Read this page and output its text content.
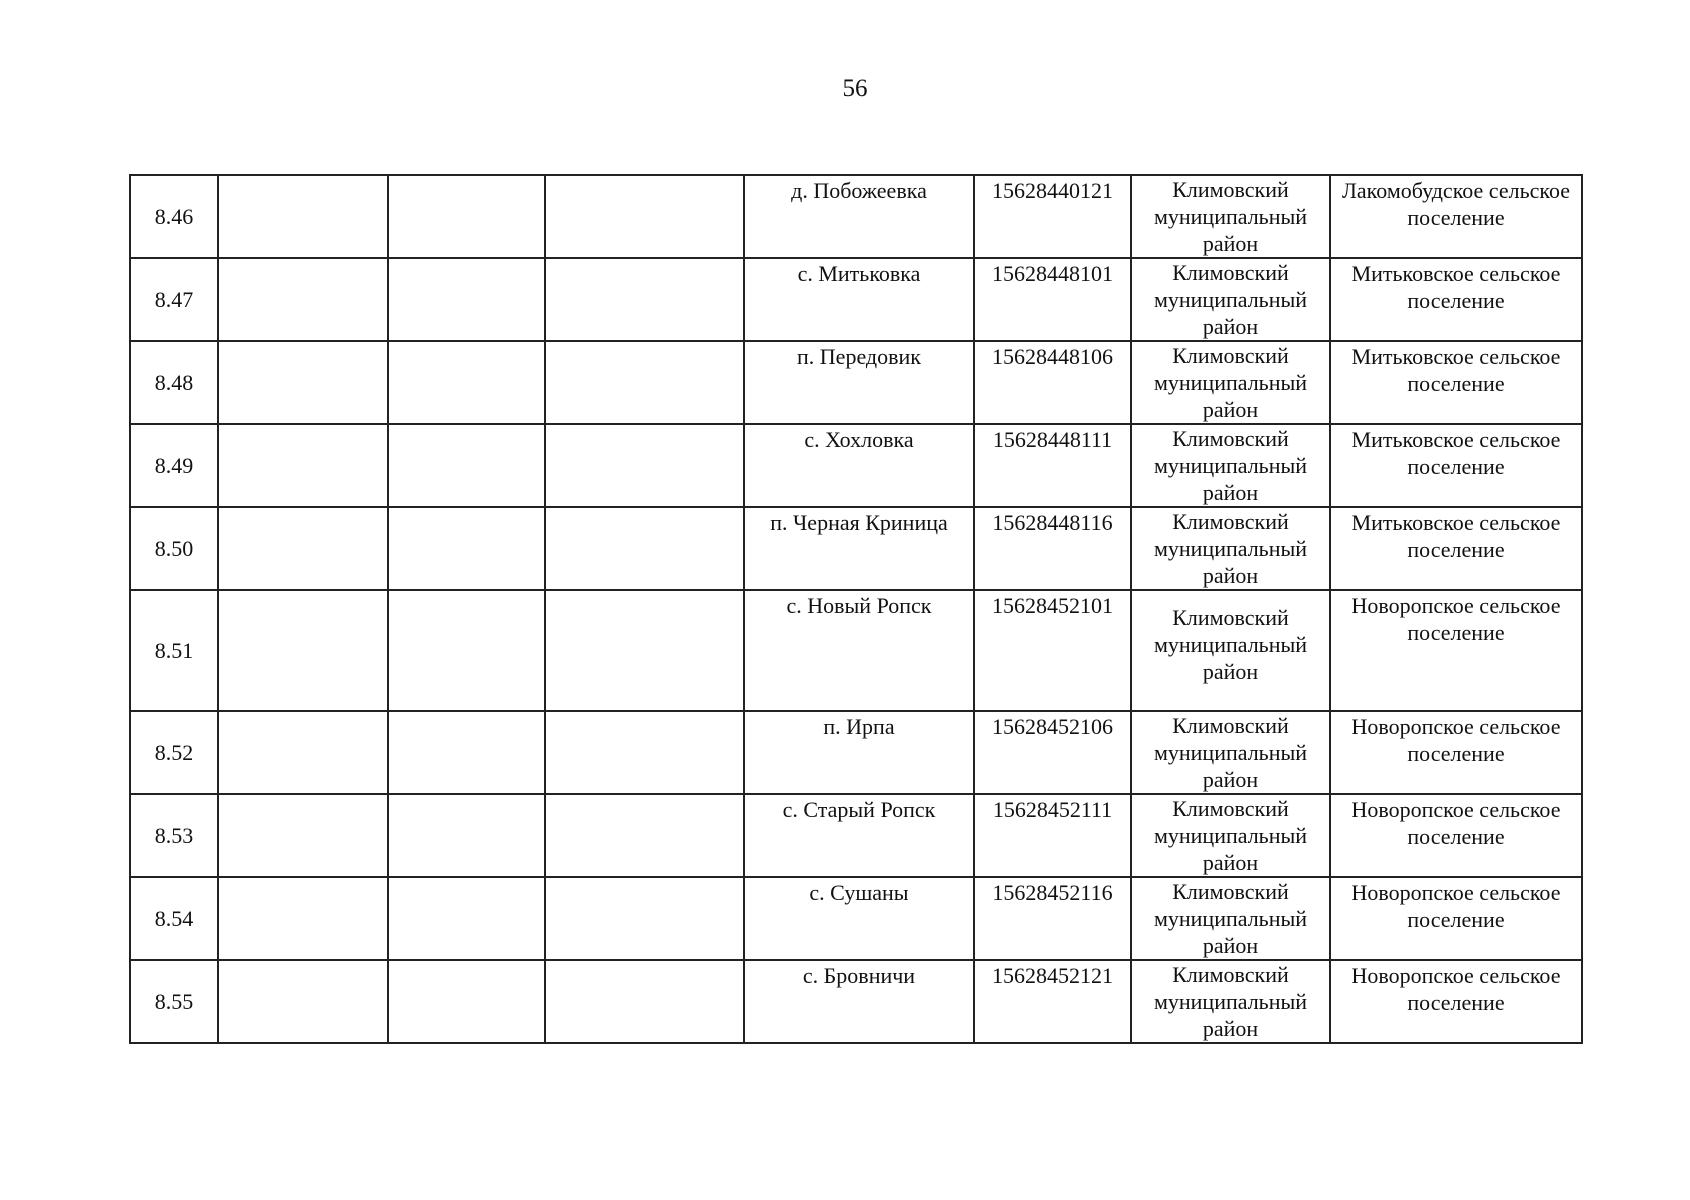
56
8.46				д. Побожеевка	15628440121	Климовский муниципальный район	Лакомобудское сельское поселение
8.47				с. Митьковка	15628448101	Климовский муниципальный район	Митьковское сельское поселение
8.48				п. Передовик	15628448106	Климовский муниципальный район	Митьковское сельское поселение
8.49				с. Хохловка	15628448111	Климовский муниципальный район	Митьковское сельское поселение
8.50				п. Черная Криница	15628448116	Климовский муниципальный район	Митьковское сельское поселение
8.51				с. Новый Ропск	15628452101	Климовский муниципальный район	Новоропское сельское поселение
8.52				п. Ирпа	15628452106	Климовский муниципальный район	Новоропское сельское поселение
8.53				с. Старый Ропск	15628452111	Климовский муниципальный район	Новоропское сельское поселение
8.54				с. Сушаны	15628452116	Климовский муниципальный район	Новоропское сельское поселение
8.55				с. Бровничи	15628452121	Климовский муниципальный район	Новоропское сельское поселение
